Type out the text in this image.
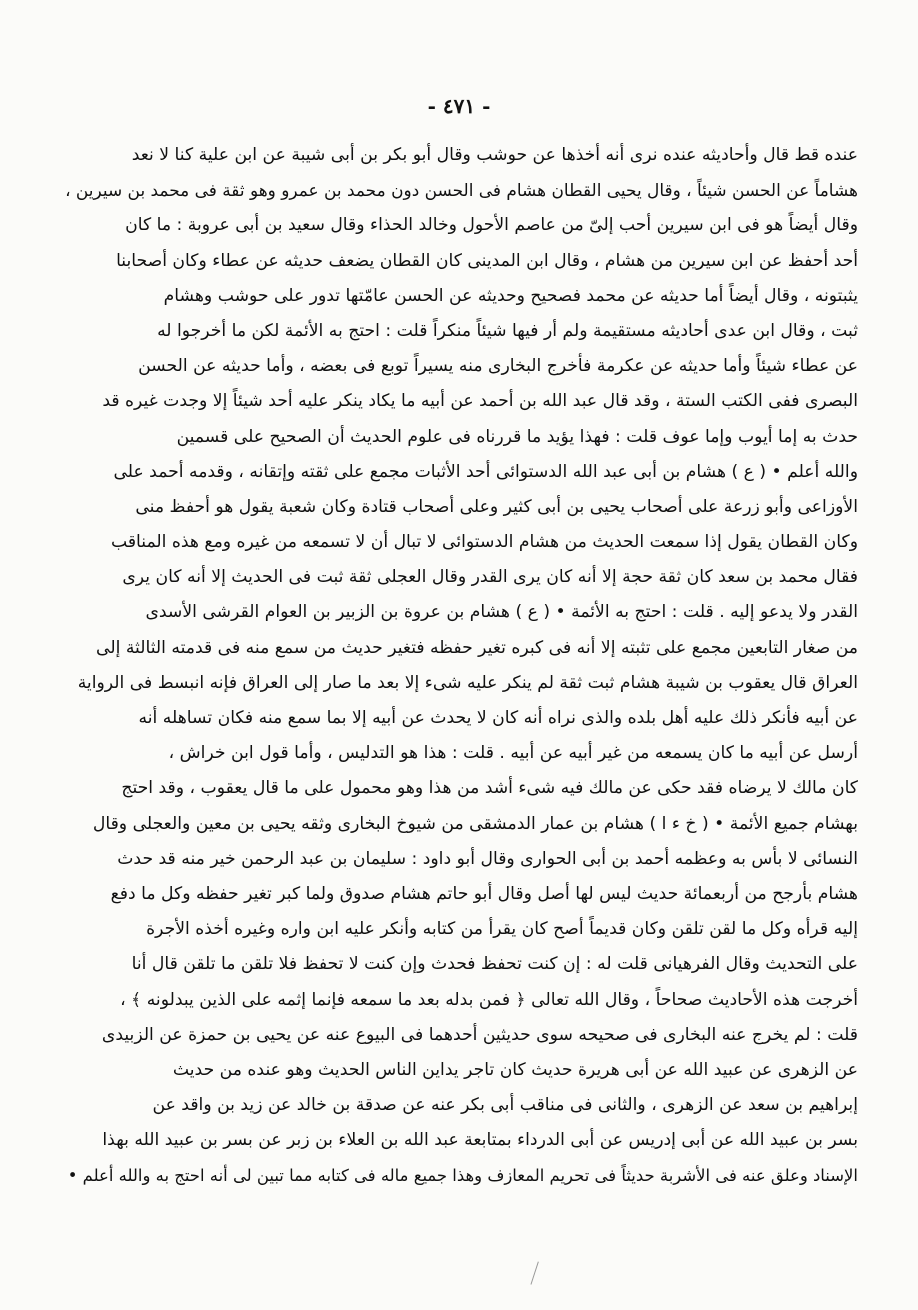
- ٤٧١ -
عنده قط قال وأحاديثه عنده نرى أنه أخذها عن حوشب وقال أبو بكر بن أبى شيبة عن ابن علية كنا لا نعد
هشاماً عن الحسن شيئاً ، وقال يحيى القطان هشام فى الحسن دون محمد بن عمرو وهو ثقة فى محمد بن سيرين ،
وقال أيضاً هو فى ابن سيرين أحب إلىّ من عاصم الأحول وخالد الحذاء وقال سعيد بن أبى عروبة : ما كان
أحد أحفظ عن ابن سيرين من هشام ، وقال ابن المدينى كان القطان يضعف حديثه عن عطاء وكان أصحابنا
يثبتونه ، وقال أيضاً أما حديثه عن محمد فصحيح وحديثه عن الحسن عامّتها تدور على حوشب وهشام
ثبت ، وقال ابن عدى أحاديثه مستقيمة ولم أر فيها شيئاً منكراً قلت : احتج به الأئمة لكن ما أخرجوا له
عن عطاء شيئاً وأما حديثه عن عكرمة فأخرج البخارى منه يسيراً توبع فى بعضه ، وأما حديثه عن الحسن
البصرى ففى الكتب الستة ، وقد قال عبد الله بن أحمد عن أبيه ما يكاد ينكر عليه أحد شيئاً إلا وجدت غيره قد
حدث به إما أيوب وإما عوف قلت : فهذا يؤيد ما قررناه فى علوم الحديث أن الصحيح على قسمين
والله أعلم • ( ع ) هشام بن أبى عبد الله الدستوائى أحد الأثبات مجمع على ثقته وإتقانه ، وقدمه أحمد على
الأوزاعى وأبو زرعة على أصحاب يحيى بن أبى كثير وعلى أصحاب قتادة وكان شعبة يقول هو أحفظ منى
وكان القطان يقول إذا سمعت الحديث من هشام الدستوائى لا تبال أن لا تسمعه من غيره ومع هذه المناقب
فقال محمد بن سعد كان ثقة حجة إلا أنه كان يرى القدر وقال العجلى ثقة ثبت فى الحديث إلا أنه كان يرى
القدر ولا يدعو إليه . قلت : احتج به الأئمة • ( ع ) هشام بن عروة بن الزبير بن العوام القرشى الأسدى
من صغار التابعين مجمع على تثبته إلا أنه فى كبره تغير حفظه فتغير حديث من سمع منه فى قدمته الثالثة إلى
العراق قال يعقوب بن شيبة هشام ثبت ثقة لم ينكر عليه شىء إلا بعد ما صار إلى العراق فإنه انبسط فى الرواية
عن أبيه فأنكر ذلك عليه أهل بلده والذى نراه أنه كان لا يحدث عن أبيه إلا بما سمع منه فكان تساهله أنه
أرسل عن أبيه ما كان يسمعه من غير أبيه عن أبيه . قلت : هذا هو التدليس ، وأما قول ابن خراش ،
كان مالك لا يرضاه فقد حكى عن مالك فيه شىء أشد من هذا وهو محمول على ما قال يعقوب ، وقد احتج
بهشام جميع الأئمة • ( خ ء ا ) هشام بن عمار الدمشقى من شيوخ البخارى وثقه يحيى بن معين والعجلى وقال
النسائى لا بأس به وعظمه أحمد بن أبى الحوارى وقال أبو داود : سليمان بن عبد الرحمن خير منه قد حدث
هشام بأرجح من أربعمائة حديث ليس لها أصل وقال أبو حاتم هشام صدوق ولما كبر تغير حفظه وكل ما دفع
إليه قرأه وكل ما لقن تلقن وكان قديماً أصح كان يقرأ من كتابه وأنكر عليه ابن واره وغيره أخذه الأجرة
على التحديث وقال الفرهيانى قلت له : إن كنت تحفظ فحدث وإن كنت لا تحفظ فلا تلقن ما تلقن قال أنا
أخرجت هذه الأحاديث صحاحاً ، وقال الله تعالى ﴿ فمن بدله بعد ما سمعه فإنما إثمه على الذين يبدلونه ﴾ ،
قلت : لم يخرج عنه البخارى فى صحيحه سوى حديثين أحدهما فى البيوع عنه عن يحيى بن حمزة عن الزبيدى
عن الزهرى عن عبيد الله عن أبى هريرة حديث كان تاجر يداين الناس الحديث وهو عنده من حديث
إبراهيم بن سعد عن الزهرى ، والثانى فى مناقب أبى بكر عنه عن صدقة بن خالد عن زيد بن واقد عن
بسر بن عبيد الله عن أبى إدريس عن أبى الدرداء بمتابعة عبد الله بن العلاء بن زبر عن بسر بن عبيد الله بهذا
الإسناد وعلق عنه فى الأشربة حديثاً فى تحريم المعازف وهذا جميع ماله فى كتابه مما تبين لى أنه احتج به والله أعلم •
